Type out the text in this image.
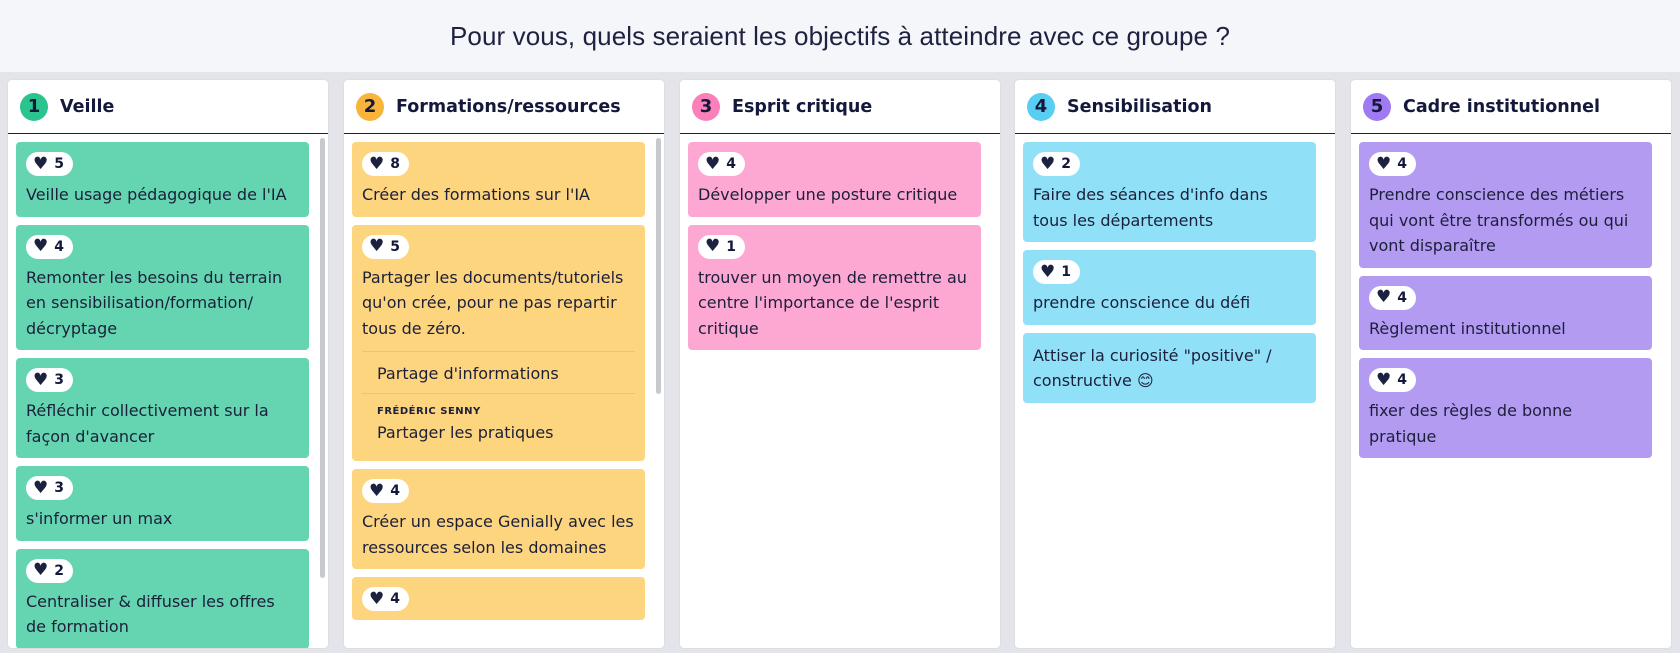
Pour vous, quels seraient les objectifs à atteindre avec ce groupe ?
1	Veille
♥ 5
Veille usage pédagogique de l'IA
♥ 4
Remonter les besoins du terrain en sensibilisation/formation/ décryptage
♥ 3
Réfléchir collectivement sur la façon d'avancer
♥ 3
s'informer un max
♥ 2
Centraliser & diffuser les offres de formation
2	Formations/ressources
♥ 8
Créer des formations sur l'IA
♥ 5
Partager les documents/tutoriels qu'on crée, pour ne pas repartir tous de zéro.
Partage d'informations
FRÉDÉRIC SENNY
Partager les pratiques
♥ 4
Créer un espace Genially avec les ressources selon les domaines
♥ 4
3	Esprit critique
♥ 4
Développer une posture critique
♥ 1
trouver un moyen de remettre au centre l'importance de l'esprit critique
4	Sensibilisation
♥ 2
Faire des séances d'info dans tous les départements
♥ 1
prendre conscience du défi
Attiser la curiosité "positive" / constructive 😊
5	Cadre institutionnel
♥ 4
Prendre conscience des métiers qui vont être transformés ou qui vont disparaître
♥ 4
Règlement institutionnel
♥ 4
fixer des règles de bonne pratique
